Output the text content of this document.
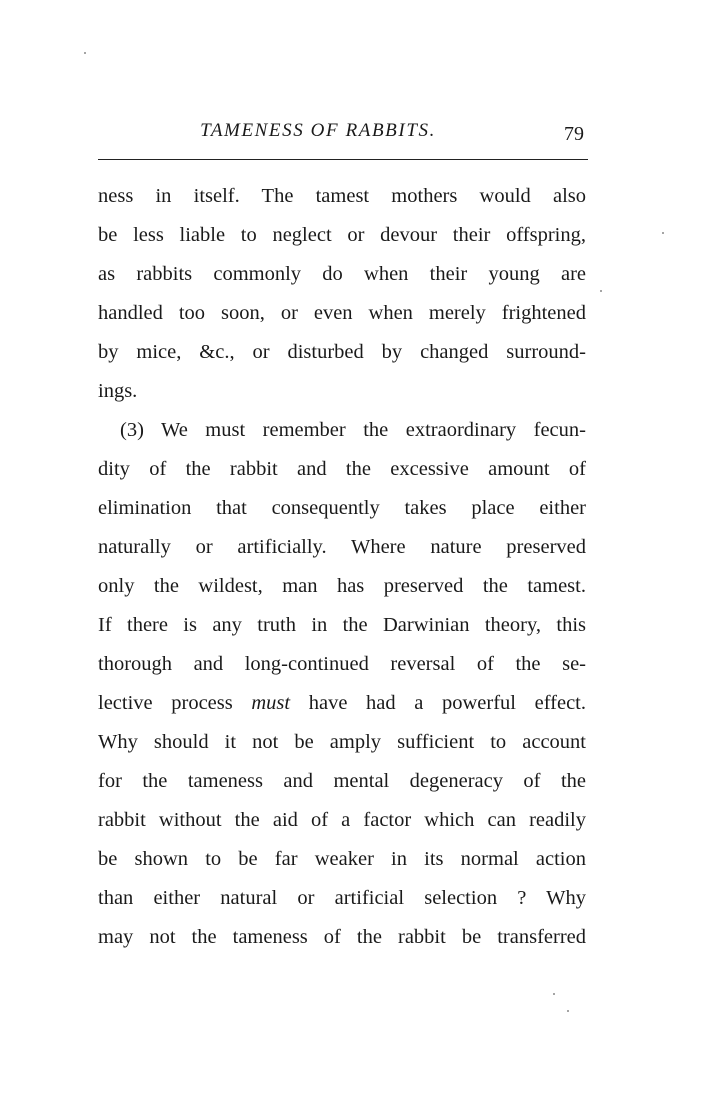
TAMENESS OF RABBITS.	79
ness in itself. The tamest mothers would also
be less liable to neglect or devour their offspring,
as rabbits commonly do when their young are
handled too soon, or even when merely frightened
by mice, &c., or disturbed by changed surround-
ings.
(3) We must remember the extraordinary fecun-
dity of the rabbit and the excessive amount of
elimination that consequently takes place either
naturally or artificially. Where nature preserved
only the wildest, man has preserved the tamest.
If there is any truth in the Darwinian theory, this
thorough and long-continued reversal of the se-
lective process must have had a powerful effect.
Why should it not be amply sufficient to account
for the tameness and mental degeneracy of the
rabbit without the aid of a factor which can readily
be shown to be far weaker in its normal action
than either natural or artificial selection ? Why
may not the tameness of the rabbit be transferred
